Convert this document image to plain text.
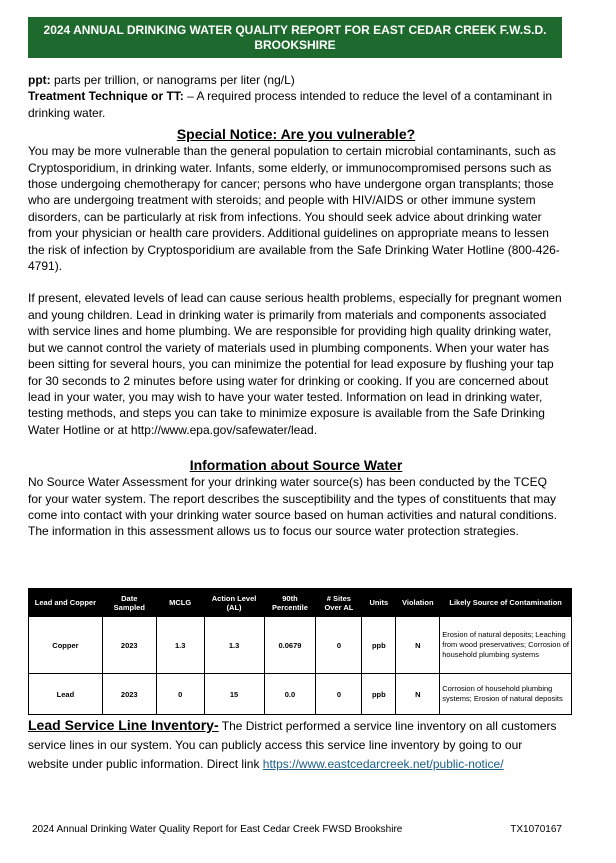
2024 ANNUAL DRINKING WATER QUALITY REPORT FOR EAST CEDAR CREEK F.W.S.D. BROOKSHIRE

ppt: parts per trillion, or nanograms per liter (ng/L)

Treatment Technique or TT: – A required process intended to reduce the level of a contaminant in drinking water.

Special Notice: Are you vulnerable?

You may be more vulnerable than the general population to certain microbial contaminants, such as Cryptosporidium, in drinking water. Infants, some elderly, or immunocompromised persons such as those undergoing chemotherapy for cancer; persons who have undergone organ transplants; those who are undergoing treatment with steroids; and people with HIV/AIDS or other immune system disorders, can be particularly at risk from infections. You should seek advice about drinking water from your physician or health care providers. Additional guidelines on appropriate means to lessen the risk of infection by Cryptosporidium are available from the Safe Drinking Water Hotline (800-426-4791).

If present, elevated levels of lead can cause serious health problems, especially for pregnant women and young children. Lead in drinking water is primarily from materials and components associated with service lines and home plumbing. We are responsible for providing high quality drinking water, but we cannot control the variety of materials used in plumbing components. When your water has been sitting for several hours, you can minimize the potential for lead exposure by flushing your tap for 30 seconds to 2 minutes before using water for drinking or cooking. If you are concerned about lead in your water, you may wish to have your water tested. Information on lead in drinking water, testing methods, and steps you can take to minimize exposure is available from the Safe Drinking Water Hotline or at http://www.epa.gov/safewater/lead.

Information about Source Water

No Source Water Assessment for your drinking water source(s) has been conducted by the TCEQ for your water system. The report describes the susceptibility and the types of constituents that may come into contact with your drinking water source based on human activities and natural conditions. The information in this assessment allows us to focus our source water protection strategies.

Lead and Copper	Date Sampled	MCLG	Action Level (AL)	90th Percentile	# Sites Over AL	Units	Violation	Likely Source of Contamination
Copper	2023	1.3	1.3	0.0679	0	ppb	N	Erosion of natural deposits; Leaching from wood preservatives; Corrosion of household plumbing systems
Lead	2023	0	15	0.0	0	ppb	N	Corrosion of household plumbing systems; Erosion of natural deposits
Lead Service Line Inventory- The District performed a service line inventory on all customers service lines in our system. You can publicly access this service line inventory by going to our website under public information. Direct link https://www.eastcedarcreek.net/public-notice/
2024 Annual Drinking Water Quality Report for East Cedar Creek FWSD Brookshire	TX1070167
